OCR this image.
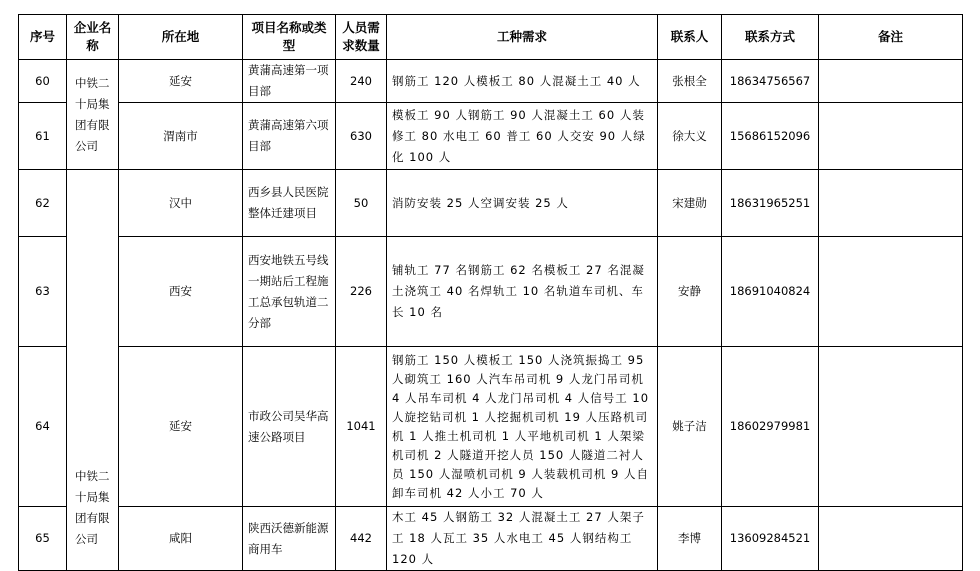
序号	企业名称	所在地	项目名称或类型	人员需求数量	工种需求	联系人	联系方式	备注
60	中铁二十局集团有限公司	延安	黄蒲高速第一项目部	240	钢筋工 120 人模板工 80 人混凝土工 40 人	张根全	18634756567	
61		渭南市	黄蒲高速第六项目部	630	模板工 90 人钢筋工 90 人混凝土工 60 人装修工 80 水电工 60 普工 60 人交安 90 人绿化 100 人	徐大义	15686152096	
62	中铁二十局集团有限公司	汉中	西乡县人民医院整体迁建项目	50	消防安装 25 人空调安装 25 人	宋建勋	18631965251	
63		西安	西安地铁五号线一期站后工程施工总承包轨道二分部	226	铺轨工 77 名钢筋工 62 名模板工 27 名混凝土浇筑工 40 名焊轨工 10 名轨道车司机、车长 10 名	安静	18691040824	
64		延安	市政公司吴华高速公路项目	1041	钢筋工 150 人模板工 150 人浇筑振捣工 95 人砌筑工 160 人汽车吊司机 9 人龙门吊司机 4 人吊车司机 4 人龙门吊司机 4 人信号工 10 人旋挖钻司机 1 人挖掘机司机 19 人压路机司机 1 人推土机司机 1 人平地机司机 1 人架梁机司机 2 人隧道开挖人员 150 人隧道二衬人员 150 人湿喷机司机 9 人装载机司机 9 人自卸车司机 42 人小工 70 人	姚子洁	18602979981	
65		咸阳	陕西沃德新能源商用车	442	木工 45 人钢筋工 32 人混凝土工 27 人架子工 18 人瓦工 35 人水电工 45 人钢结构工 120 人	李博	13609284521	
